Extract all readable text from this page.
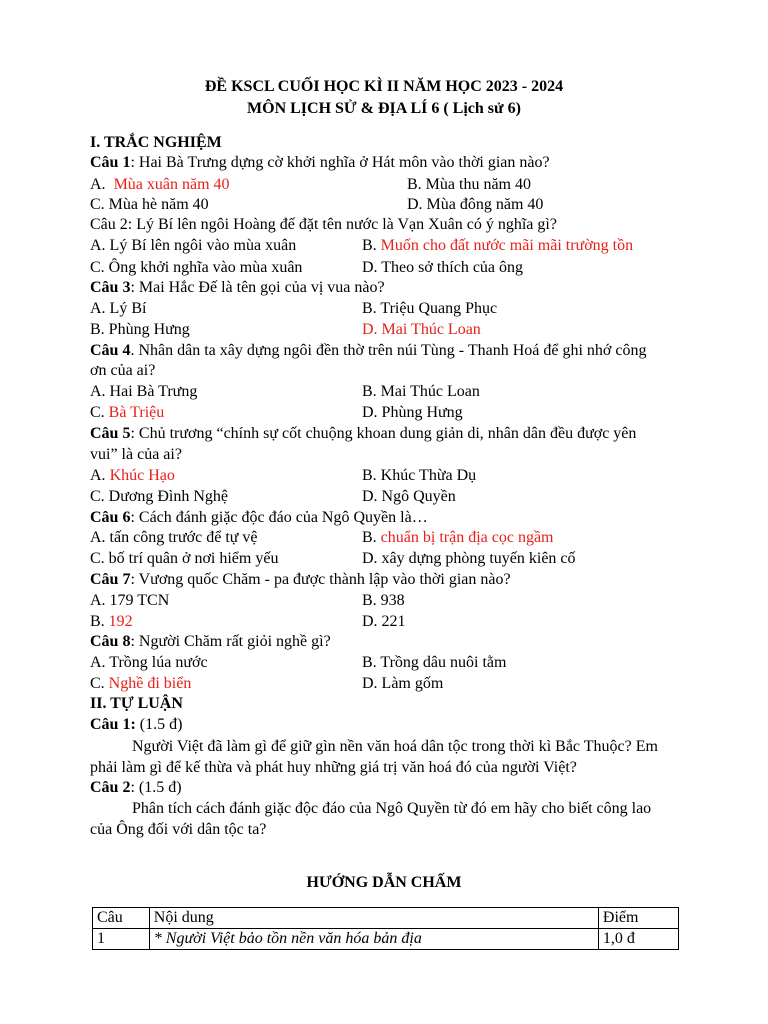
ĐỀ KSCL CUỐI HỌC KÌ II NĂM HỌC 2023 - 2024
MÔN LỊCH SỬ & ĐỊA LÍ 6 ( Lịch sử 6)
I. TRẮC NGHIỆM
Câu 1: Hai Bà Trưng dựng cờ khởi nghĩa ở Hát môn vào thời gian nào?
A. Mùa xuân năm 40	B. Mùa thu năm 40
C. Mùa hè năm 40	D. Mùa đông năm 40
Câu 2: Lý Bí lên ngôi Hoàng đế đặt tên nước là Vạn Xuân có ý nghĩa gì?
A. Lý Bí lên ngôi vào mùa xuân	B. Muốn cho đất nước mãi mãi trường tồn
C. Ông khởi nghĩa vào mùa xuân	D. Theo sở thích của ông
Câu 3: Mai Hắc Đế là tên gọi của vị vua nào?
A. Lý Bí	B. Triệu Quang Phục
B. Phùng Hưng	D. Mai Thúc Loan
Câu 4. Nhân dân ta xây dựng ngôi đền thờ trên núi Tùng - Thanh Hoá để ghi nhớ công
ơn của ai?
A. Hai Bà Trưng	B. Mai Thúc Loan
C. Bà Triệu	D. Phùng Hưng
Câu 5: Chủ trương “chính sự cốt chuộng khoan dung giản di, nhân dân đều được yên
vui” là của ai?
A. Khúc Hạo	B. Khúc Thừa Dụ
C. Dương Đình Nghệ	D. Ngô Quyền
Câu 6: Cách đánh giặc độc đáo của Ngô Quyền là…
A. tấn công trước để tự vệ	B. chuẩn bị trận địa cọc ngầm
C. bố trí quân ở nơi hiểm yếu	D. xây dựng phòng tuyến kiên cố
Câu 7: Vương quốc Chăm - pa được thành lập vào thời gian nào?
A. 179 TCN	B. 938
B. 192	D. 221
Câu 8: Người Chăm rất giỏi nghề gì?
A. Trồng lúa nước	B. Trồng dâu nuôi tằm
C. Nghề đi biển	D. Làm gốm
II. TỰ LUẬN
Câu 1: (1.5 đ)
Người Việt đã làm gì để giữ gìn nền văn hoá dân tộc trong thời kì Bắc Thuộc? Em
phải làm gì để kế thừa và phát huy những giá trị văn hoá đó của người Việt?
Câu 2: (1.5 đ)
Phân tích cách đánh giặc độc đáo của Ngô Quyền từ đó em hãy cho biết công lao
của Ông đối với dân tộc ta?
HƯỚNG DẪN CHẤM
Câu	Nội dung	Điểm
1	* Người Việt bảo tồn nền văn hóa bản địa	1,0 đ
